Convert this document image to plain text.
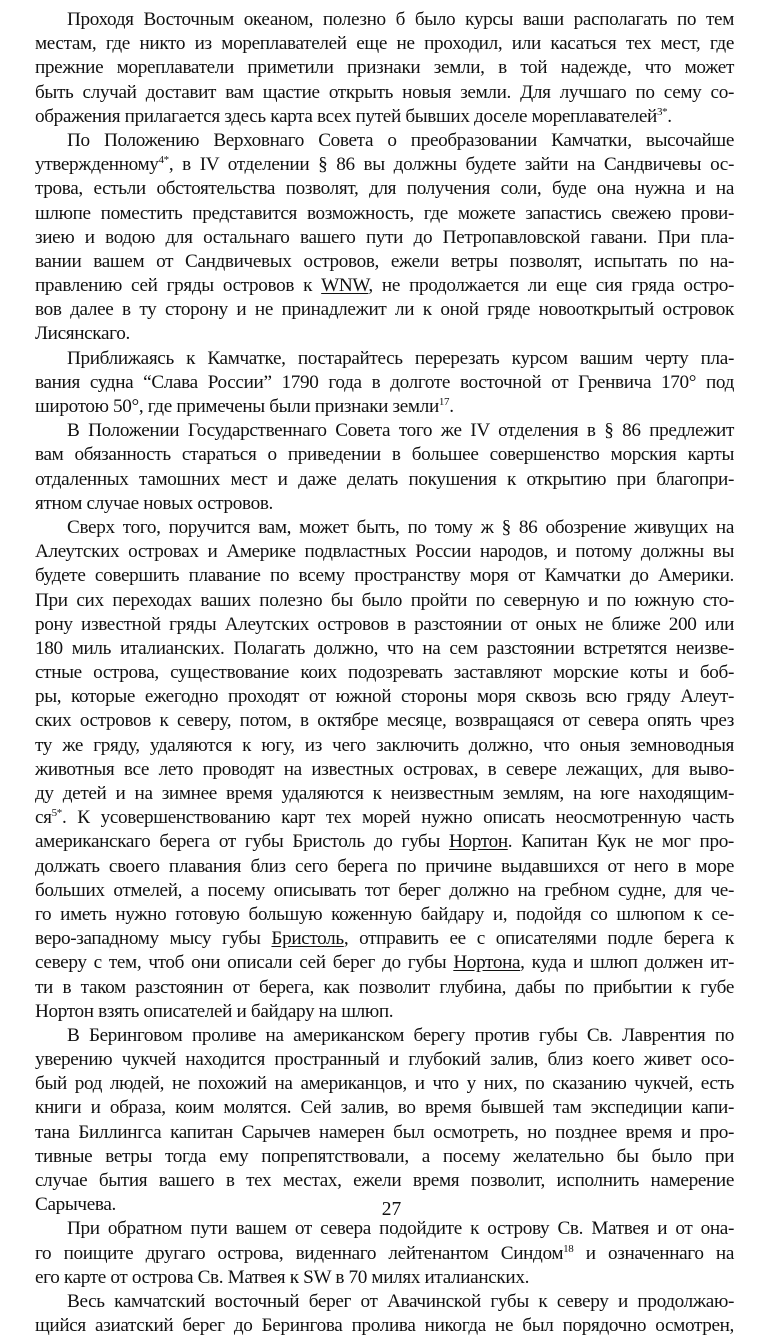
Проходя Восточным океаном, полезно б было курсы ваши располагать по тем
местам, где никто из мореплавателей еще не проходил, или касаться тех мест, где
прежние мореплаватели приметили признаки земли, в той надежде, что может
быть случай доставит вам щастие открыть новыя земли. Для лучшаго по сему со-
ображения прилагается здесь карта всех путей бывших доселе мореплавателей$^{3*}$.
По Положению Верховнаго Совета о преобразовании Камчатки, высочайше
утвержденному$^{4*}$, в IV отделении § 86 вы должны будете зайти на Сандвичевы ос-
трова, естьли обстоятельства позволят, для получения соли, буде она нужна и на
шлюпе поместить представится возможность, где можете запастись свежею прови-
зиею и водою для остальнаго вашего пути до Петропавловской гавани. При пла-
вании вашем от Сандвичевых островов, ежели ветры позволят, испытать по на-
правлению сей гряды островов к WNW, не продолжается ли еще сия гряда остро-
вов далее в ту сторону и не принадлежит ли к оной гряде новооткрытый островок
Лисянскаго.
Приближаясь к Камчатке, постарайтесь перерезать курсом вашим черту пла-
вания судна “Слава России” 1790 года в долготе восточной от Гренвича 170° под
широтою 50°, где примечены были признаки земли$^{17}$.
В Положении Государственнаго Совета того же IV отделения в § 86 предлежит
вам обязанность стараться о приведении в большее совершенство морския карты
отдаленных тамошних мест и даже делать покушения к открытию при благопри-
ятном случае новых островов.
Сверх того, поручится вам, может быть, по тому ж § 86 обозрение живущих на
Алеутских островах и Америке подвластных России народов, и потому должны вы
будете совершить плавание по всему пространству моря от Камчатки до Америки.
При сих переходах ваших полезно бы было пройти по северную и по южную сто-
рону известной гряды Алеутских островов в разстоянии от оных не ближе 200 или
180 миль италианских. Полагать должно, что на сем разстоянии встретятся неизве-
стные острова, существование коих подозревать заставляют морские коты и боб-
ры, которые ежегодно проходят от южной стороны моря сквозь всю гряду Алеут-
ских островов к северу, потом, в октябре месяце, возвращаяся от севера опять чрез
ту же гряду, удаляются к югу, из чего заключить должно, что оныя земноводныя
животныя все лето проводят на известных островах, в севере лежащих, для выво-
ду детей и на зимнее время удаляются к неизвестным землям, на юге находящим-
$ся^{5*}$. К усовершенствованию карт тех морей нужно описать неосмотренную часть
американскаго берега от губы Бристоль до губы Нортон. Капитан Кук не мог про-
должать своего плавания близ сего берега по причине выдавшихся от него в море
больших отмелей, а посему описывать тот берег должно на гребном судне, для че-
го иметь нужно готовую большую коженную байдару и, подойдя со шлюпом к се-
веро-западному мысу губы Бристоль, отправить ее с описателями подле берега к
северу с тем, чтоб они описали сей берег до губы Нортона, куда и шлюп должен ит-
ти в таком разстоянин от берега, как позволит глубина, дабы по прибытии к губе
Нортон взять описателей и байдару на шлюп.
В Беринговом проливе на американском берегу против губы Св. Лаврентия по
уверению чукчей находится пространный и глубокий залив, близ коего живет осо-
бый род людей, не похожий на американцов, и что у них, по сказанию чукчей, есть
книги и образа, коим молятся. Сей залив, во время бывшей там экспедиции капи-
тана Биллингса капитан Сарычев намерен был осмотреть, но позднее время и про-
тивные ветры тогда ему попрепятствовали, а посему желательно бы было при
случае бытия вашего в тех местах, ежели время позволит, исполнить намерение
Сарычева.
При обратном пути вашем от севера подойдите к острову Св. Матвея и от она-
го поищите другаго острова, виденнаго лейтенантом Синдом$^{18}$ и означеннаго на
его карте от острова Св. Матвея к SW в 70 милях италианских.
Весь камчатский восточный берег от Авачинской губы к северу и продолжаю-
щийся азиатский берег до Берингова пролива никогда не был порядочно осмотрен,
27
